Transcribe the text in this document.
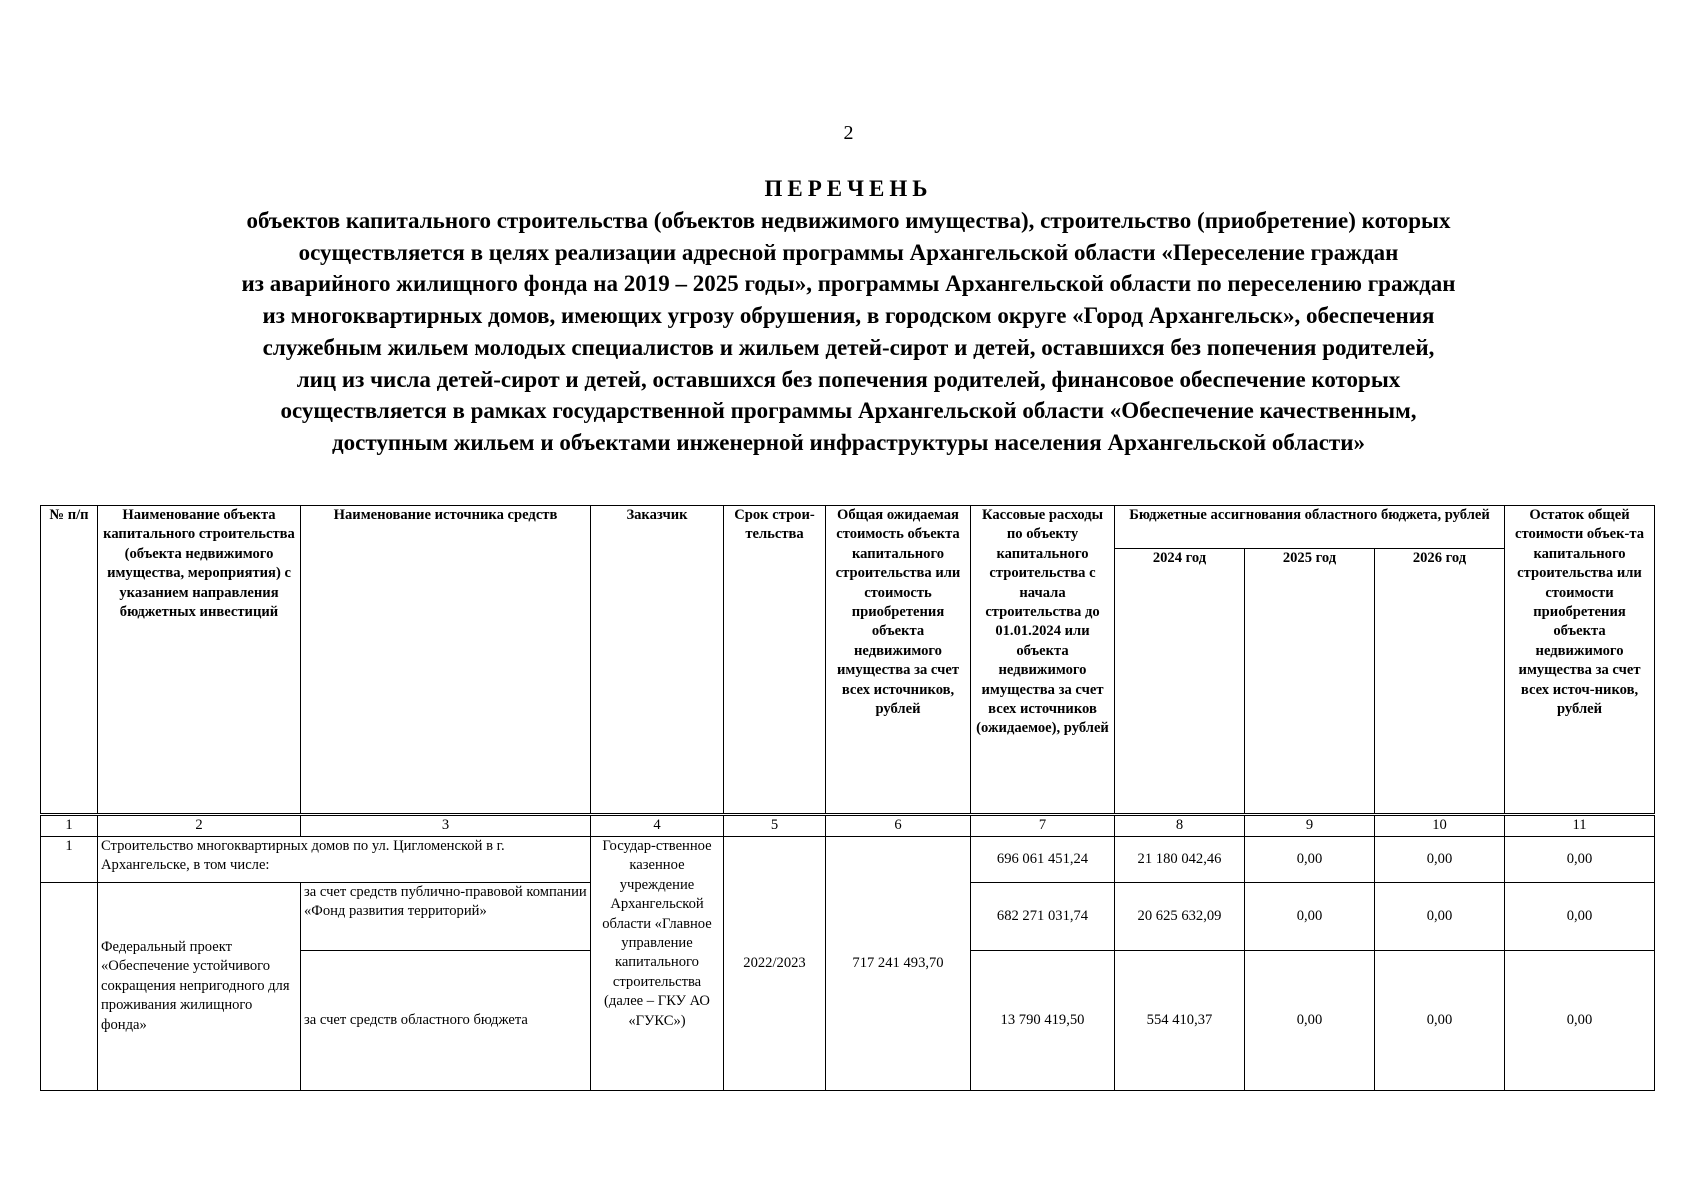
2
ПЕРЕЧЕНЬ
объектов капитального строительства (объектов недвижимого имущества), строительство (приобретение) которых
осуществляется в целях реализации адресной программы Архангельской области «Переселение граждан
из аварийного жилищного фонда на 2019 – 2025 годы», программы Архангельской области по переселению граждан
из многоквартирных домов, имеющих угрозу обрушения, в городском округе «Город Архангельск», обеспечения
служебным жильем молодых специалистов и жильем детей-сирот и детей, оставшихся без попечения родителей,
лиц из числа детей-сирот и детей, оставшихся без попечения родителей, финансовое обеспечение которых
осуществляется в рамках государственной программы Архангельской области «Обеспечение качественным,
доступным жильем и объектами инженерной инфраструктуры населения Архангельской области»
№ п/п	Наименование объекта капитального строительства (объекта недвижимого имущества, мероприятия) с указанием направления бюджетных инвестиций	Наименование источника средств	Заказчик	Срок строи-тельства	Общая ожидаемая стоимость объекта капитального строительства или стоимость приобретения объекта недвижимого имущества за счет всех источников, рублей	Кассовые расходы по объекту капитального строительства с начала строительства до 01.01.2024 или объекта недвижимого имущества за счет всех источников (ожидаемое), рублей	Бюджетные ассигнования областного бюджета, рублей			Остаток общей стоимости объек-та капитального строительства или стоимости приобретения объекта недвижимого имущества за счет всех источ-ников, рублей
							2024 год	2025 год	2026 год	
1	2	3	4	5	6	7	8	9	10	11
1	Строительство многоквартирных домов по ул. Цигломенской в г. Архангельске, в том числе:		Государ-ственное казенное учреждение Архангельской области «Главное управление капитального строительства (далее – ГКУ АО «ГУКС»)	2022/2023	717 241 493,70	696 061 451,24	21 180 042,46	0,00	0,00	0,00
	Федеральный проект «Обеспечение устойчивого сокращения непригодного для проживания жилищного фонда»	за счет средств публично-правовой компании «Фонд развития территорий»				682 271 031,74	20 625 632,09	0,00	0,00	0,00
		за счет средств областного бюджета				13 790 419,50	554 410,37	0,00	0,00	0,00
